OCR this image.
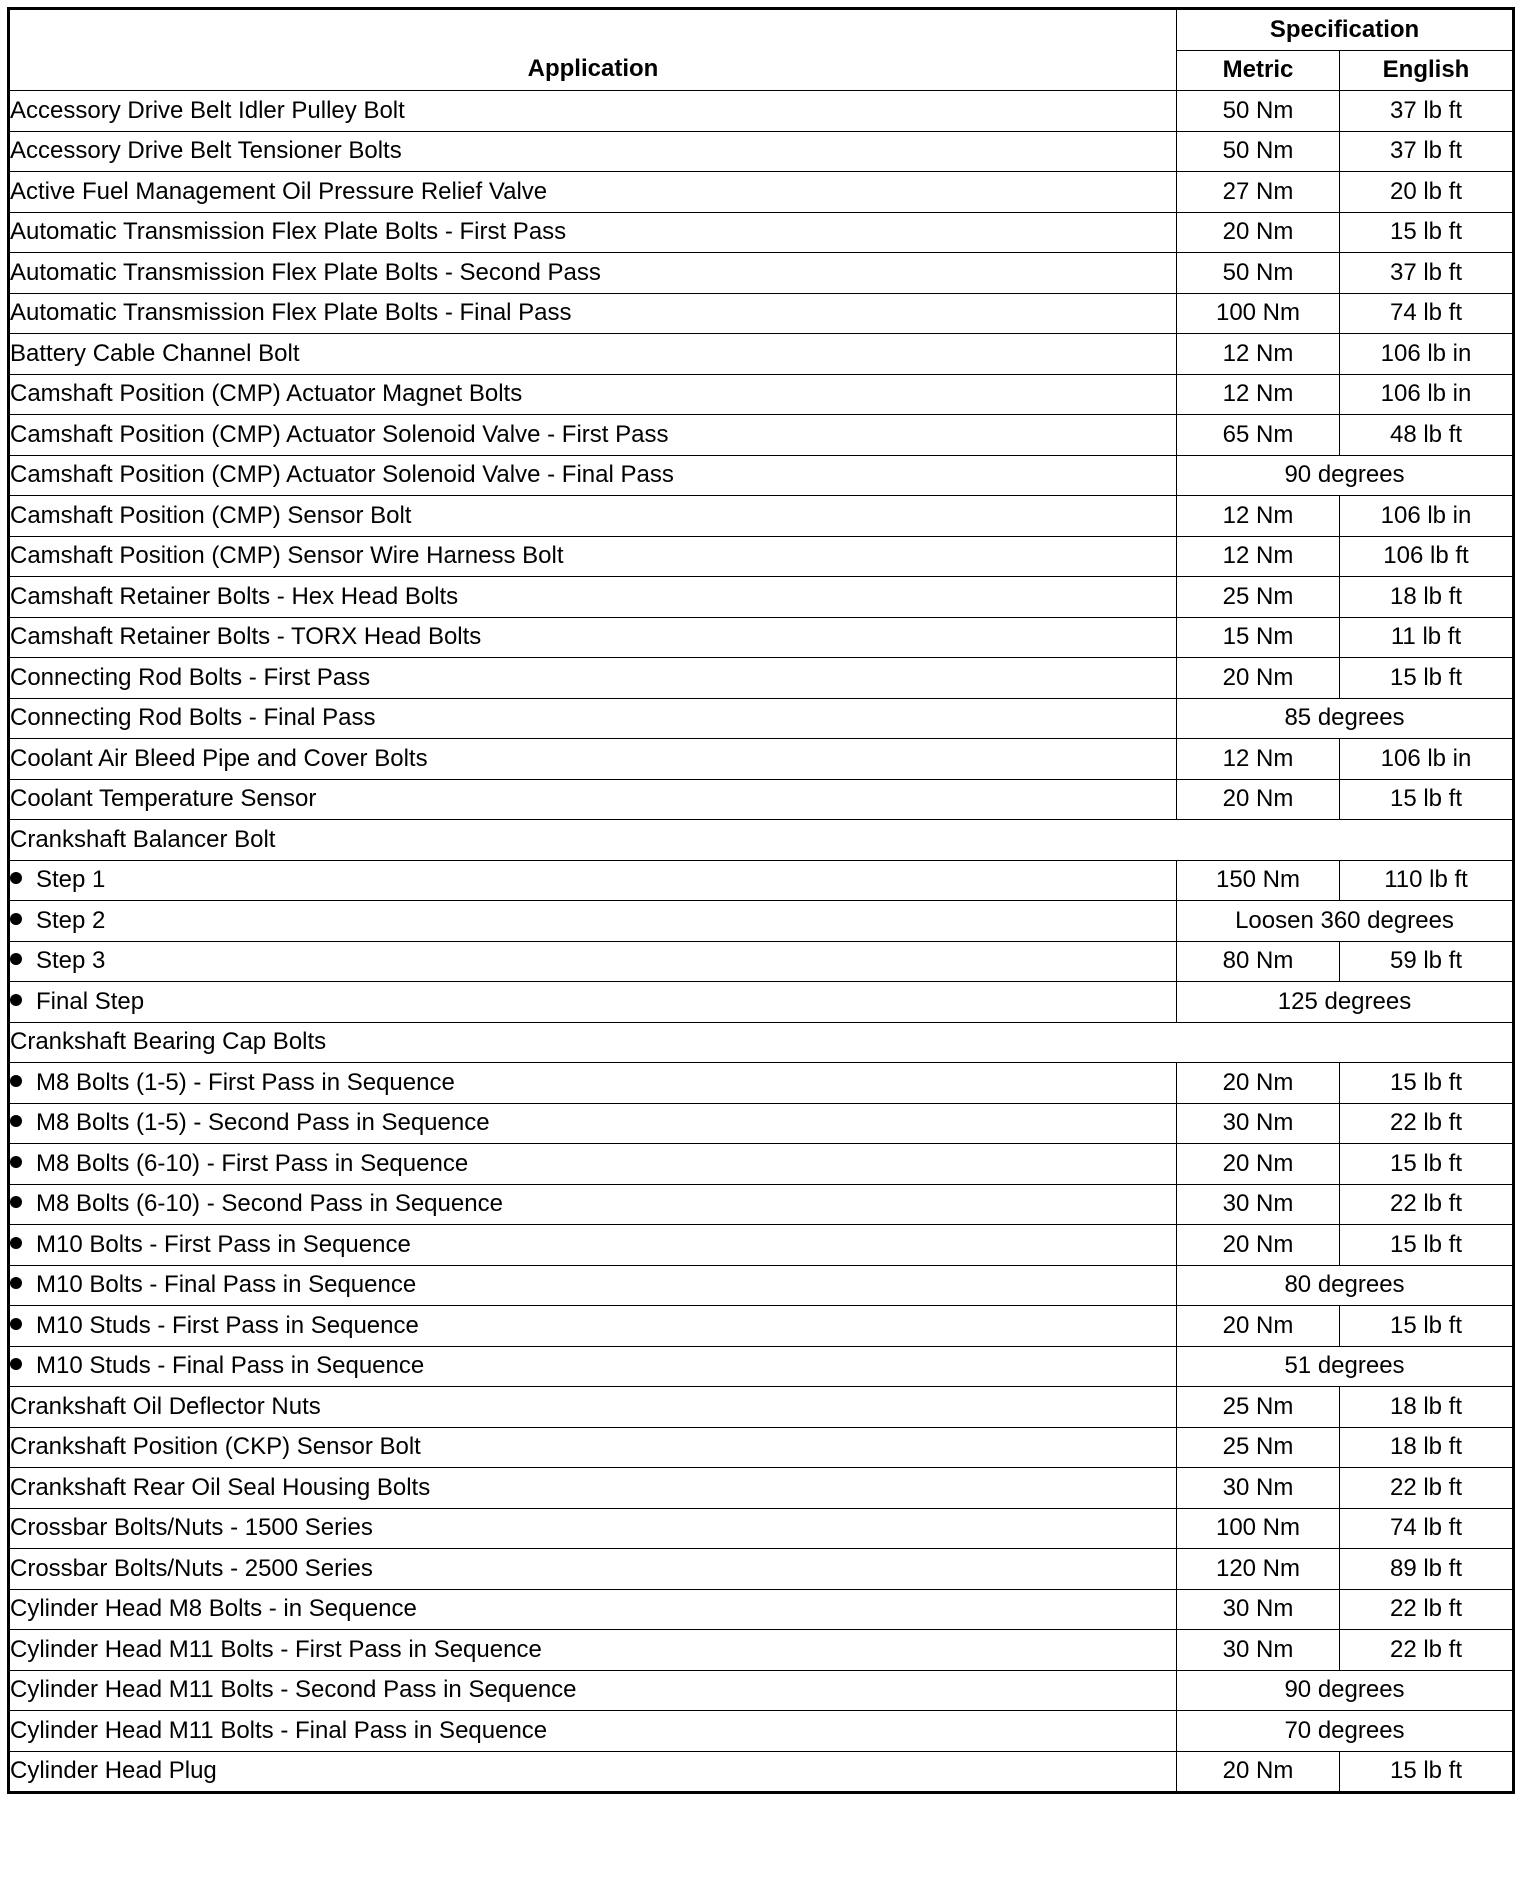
Application	Specification	
	Metric	English
Accessory Drive Belt Idler Pulley Bolt	50 Nm	37 lb ft
Accessory Drive Belt Tensioner Bolts	50 Nm	37 lb ft
Active Fuel Management Oil Pressure Relief Valve	27 Nm	20 lb ft
Automatic Transmission Flex Plate Bolts - First Pass	20 Nm	15 lb ft
Automatic Transmission Flex Plate Bolts - Second Pass	50 Nm	37 lb ft
Automatic Transmission Flex Plate Bolts - Final Pass	100 Nm	74 lb ft
Battery Cable Channel Bolt	12 Nm	106 lb in
Camshaft Position (CMP) Actuator Magnet Bolts	12 Nm	106 lb in
Camshaft Position (CMP) Actuator Solenoid Valve - First Pass	65 Nm	48 lb ft
Camshaft Position (CMP) Actuator Solenoid Valve - Final Pass	90 degrees	
Camshaft Position (CMP) Sensor Bolt	12 Nm	106 lb in
Camshaft Position (CMP) Sensor Wire Harness Bolt	12 Nm	106 lb ft
Camshaft Retainer Bolts - Hex Head Bolts	25 Nm	18 lb ft
Camshaft Retainer Bolts - TORX Head Bolts	15 Nm	11 lb ft
Connecting Rod Bolts - First Pass	20 Nm	15 lb ft
Connecting Rod Bolts - Final Pass	85 degrees	
Coolant Air Bleed Pipe and Cover Bolts	12 Nm	106 lb in
Coolant Temperature Sensor	20 Nm	15 lb ft
Crankshaft Balancer Bolt		
Step 1	150 Nm	110 lb ft
Step 2	Loosen 360 degrees	
Step 3	80 Nm	59 lb ft
Final Step	125 degrees	
Crankshaft Bearing Cap Bolts		
M8 Bolts (1-5) - First Pass in Sequence	20 Nm	15 lb ft
M8 Bolts (1-5) - Second Pass in Sequence	30 Nm	22 lb ft
M8 Bolts (6-10) - First Pass in Sequence	20 Nm	15 lb ft
M8 Bolts (6-10) - Second Pass in Sequence	30 Nm	22 lb ft
M10 Bolts - First Pass in Sequence	20 Nm	15 lb ft
M10 Bolts - Final Pass in Sequence	80 degrees	
M10 Studs - First Pass in Sequence	20 Nm	15 lb ft
M10 Studs - Final Pass in Sequence	51 degrees	
Crankshaft Oil Deflector Nuts	25 Nm	18 lb ft
Crankshaft Position (CKP) Sensor Bolt	25 Nm	18 lb ft
Crankshaft Rear Oil Seal Housing Bolts	30 Nm	22 lb ft
Crossbar Bolts/Nuts - 1500 Series	100 Nm	74 lb ft
Crossbar Bolts/Nuts - 2500 Series	120 Nm	89 lb ft
Cylinder Head M8 Bolts - in Sequence	30 Nm	22 lb ft
Cylinder Head M11 Bolts - First Pass in Sequence	30 Nm	22 lb ft
Cylinder Head M11 Bolts - Second Pass in Sequence	90 degrees	
Cylinder Head M11 Bolts - Final Pass in Sequence	70 degrees	
Cylinder Head Plug	20 Nm	15 lb ft
